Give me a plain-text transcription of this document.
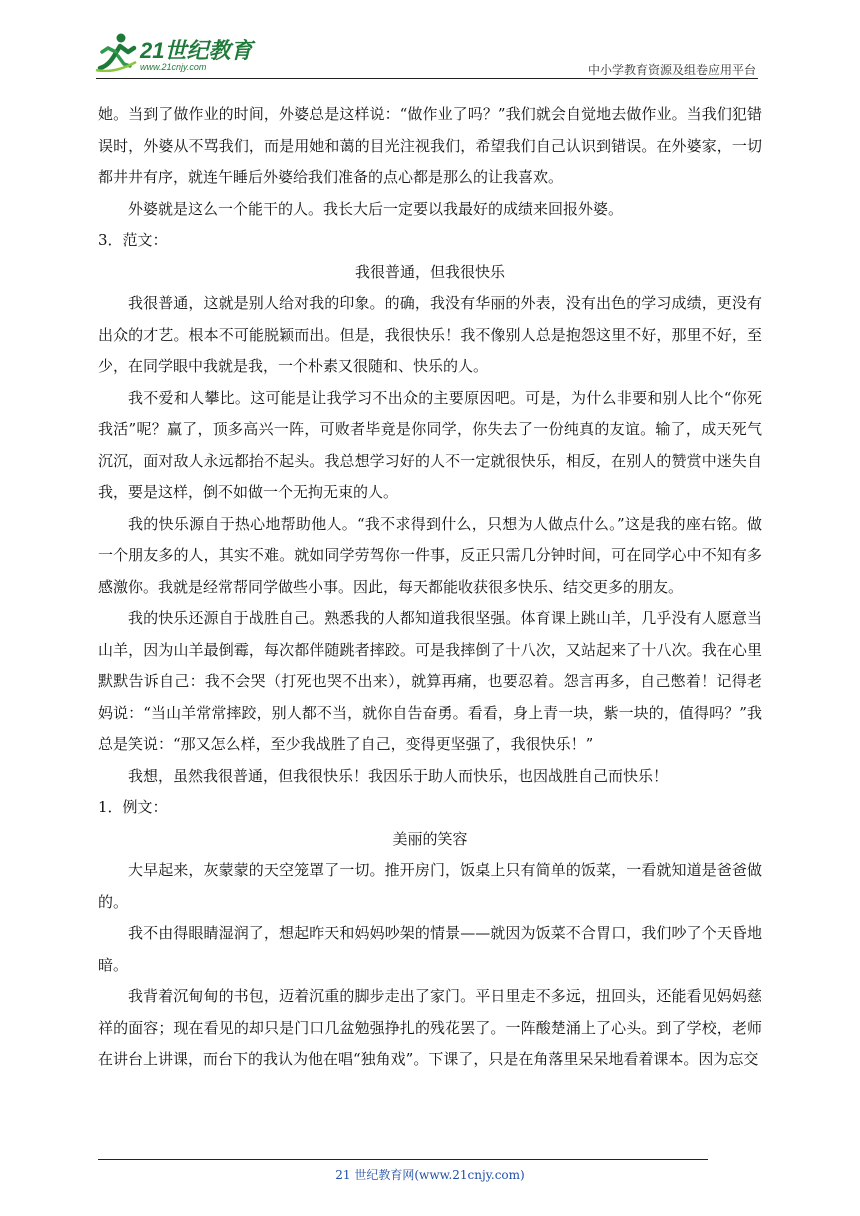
21世纪教育
www.21cnjy.com	中小学教育资源及组卷应用平台

她。当到了做作业的时间，外婆总是这样说：“做作业了吗？”我们就会自觉地去做作业。当我们犯错误时，外婆从不骂我们，而是用她和蔼的目光注视我们，希望我们自己认识到错误。在外婆家，一切都井井有序，就连午睡后外婆给我们准备的点心都是那么的让我喜欢。

外婆就是这么一个能干的人。我长大后一定要以我最好的成绩来回报外婆。

3．范文：

我很普通，但我很快乐

我很普通，这就是别人给对我的印象。的确，我没有华丽的外表，没有出色的学习成绩，更没有出众的才艺。根本不可能脱颖而出。但是，我很快乐！我不像别人总是抱怨这里不好，那里不好，至少，在同学眼中我就是我，一个朴素又很随和、快乐的人。

我不爱和人攀比。这可能是让我学习不出众的主要原因吧。可是，为什么非要和别人比个“你死我活”呢？赢了，顶多高兴一阵，可败者毕竟是你同学，你失去了一份纯真的友谊。输了，成天死气沉沉，面对敌人永远都抬不起头。我总想学习好的人不一定就很快乐，相反，在别人的赞赏中迷失自我，要是这样，倒不如做一个无拘无束的人。

我的快乐源自于热心地帮助他人。“我不求得到什么，只想为人做点什么。”这是我的座右铭。做一个朋友多的人，其实不难。就如同学劳驾你一件事，反正只需几分钟时间，可在同学心中不知有多感激你。我就是经常帮同学做些小事。因此，每天都能收获很多快乐、结交更多的朋友。

我的快乐还源自于战胜自己。熟悉我的人都知道我很坚强。体育课上跳山羊，几乎没有人愿意当山羊，因为山羊最倒霉，每次都伴随跳者摔跤。可是我摔倒了十八次，又站起来了十八次。我在心里默默告诉自己：我不会哭（打死也哭不出来），就算再痛，也要忍着。怨言再多，自己憋着！记得老妈说：“当山羊常常摔跤，别人都不当，就你自告奋勇。看看，身上青一块，紫一块的，值得吗？”我总是笑说：“那又怎么样，至少我战胜了自己，变得更坚强了，我很快乐！”

我想，虽然我很普通，但我很快乐！我因乐于助人而快乐，也因战胜自己而快乐！

1．例文：

美丽的笑容

大早起来，灰蒙蒙的天空笼罩了一切。推开房门，饭桌上只有简单的饭菜，一看就知道是爸爸做的。

我不由得眼睛湿润了，想起昨天和妈妈吵架的情景——就因为饭菜不合胃口，我们吵了个天昏地暗。

我背着沉甸甸的书包，迈着沉重的脚步走出了家门。平日里走不多远，扭回头，还能看见妈妈慈祥的面容；现在看见的却只是门口几盆勉强挣扎的残花罢了。一阵酸楚涌上了心头。到了学校，老师在讲台上讲课，而台下的我认为他在唱“独角戏”。下课了，只是在角落里呆呆地看着课本。因为忘交

21 世纪教育网(www.21cnjy.com)
